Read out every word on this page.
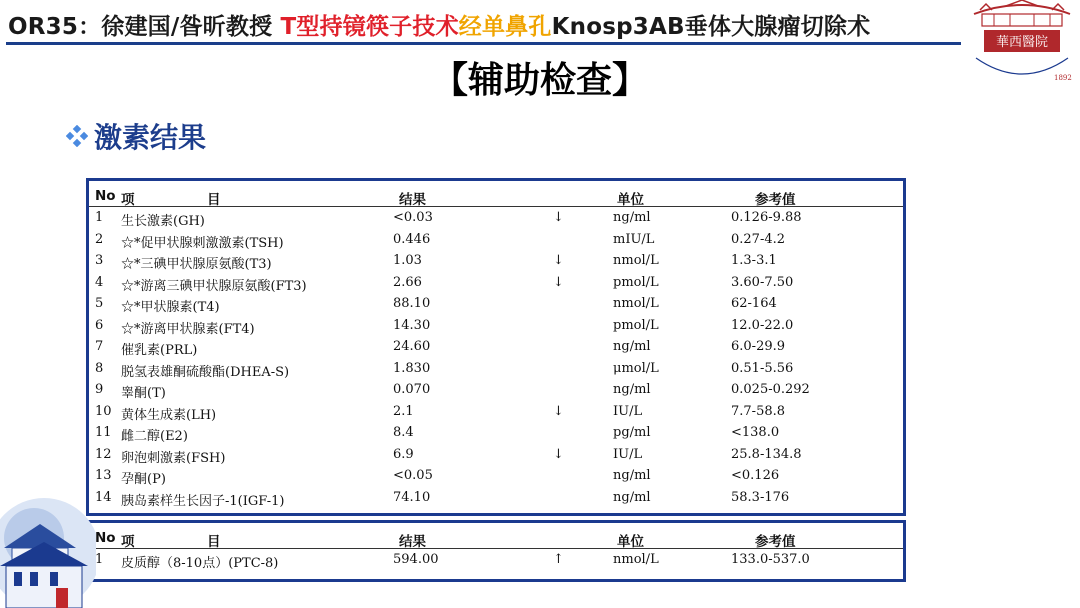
OR35：徐建国/昝昕教授 T型持镜筷子技术经单鼻孔Knosp3AB垂体大腺瘤切除术
華西醫院
1892
【辅助检查】
激素结果
No 项	目	结果	单位	参考值
1 生长激素(GH)	<0.03	↓	ng/ml	0.126-9.88
2 ☆*促甲状腺刺激激素(TSH)	0.446	mIU/L	0.27-4.2
3 ☆*三碘甲状腺原氨酸(T3)	1.03	↓	nmol/L	1.3-3.1
4 ☆*游离三碘甲状腺原氨酸(FT3)	2.66	↓	pmol/L	3.60-7.50
5 ☆*甲状腺素(T4)	88.10	nmol/L	62-164
6 ☆*游离甲状腺素(FT4)	14.30	pmol/L	12.0-22.0
7 催乳素(PRL)	24.60	ng/ml	6.0-29.9
8 脱氢表雄酮硫酸酯(DHEA-S)	1.830	μmol/L	0.51-5.56
9 睾酮(T)	0.070	ng/ml	0.025-0.292
10 黄体生成素(LH)	2.1	↓	IU/L	7.7-58.8
11 雌二醇(E2)	8.4	pg/ml	<138.0
12 卵泡刺激素(FSH)	6.9	↓	IU/L	25.8-134.8
13 孕酮(P)	<0.05	ng/ml	<0.126
14 胰岛素样生长因子-1(IGF-1)	74.10	ng/ml	58.3-176
No 项	目	结果	单位	参考值
1 皮质醇（8-10点）(PTC-8)	594.00	↑	nmol/L	133.0-537.0
